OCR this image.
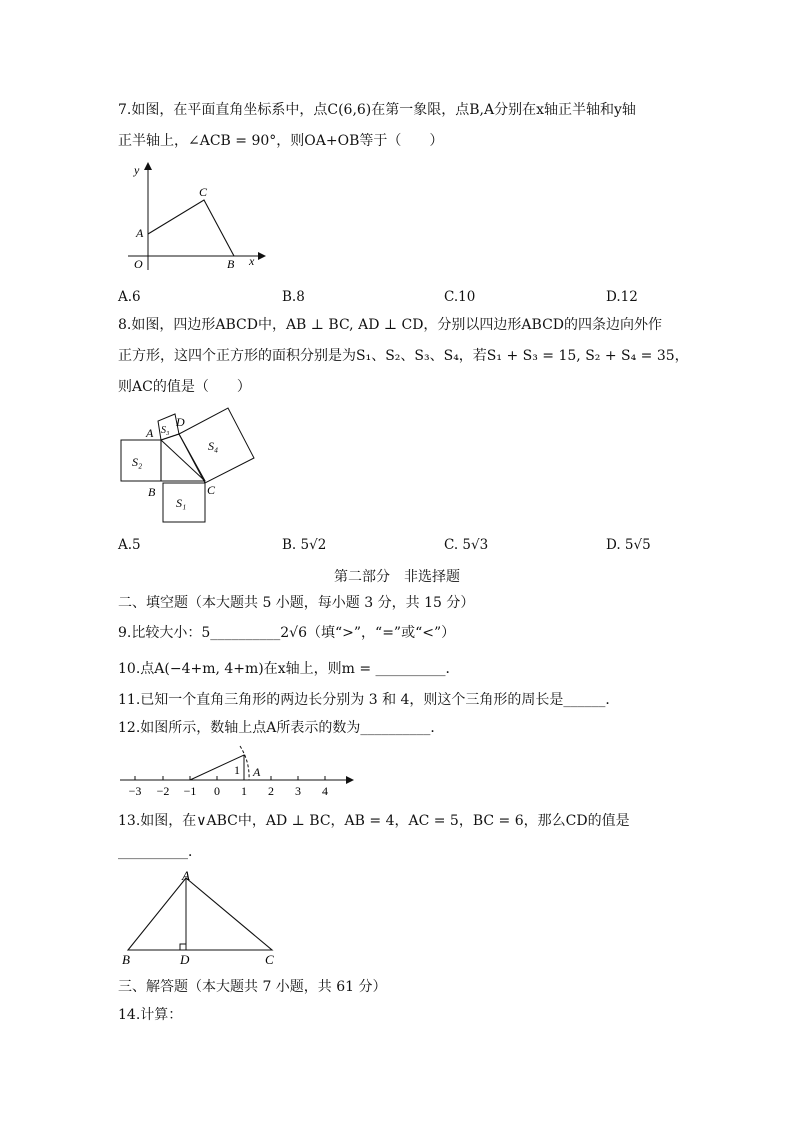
7.如图，在平面直角坐标系中，点C(6,6)在第一象限，点B,A分别在x轴正半轴和y轴
正半轴上，∠ACB = 90°，则OA+OB等于（　　）
y
x
O
A
B
C
A.6	B.8	C.10	D.12
8.如图，四边形ABCD中，AB ⊥ BC, AD ⊥ CD，分别以四边形ABCD的四条边向外作
正方形，这四个正方形的面积分别是为S₁、S₂、S₃、S₄，若S₁ + S₃ = 15, S₂ + S₄ = 35，
则AC的值是（　　）
A
B	C
D
S₂
S₁
S₃
S₄
A.5	B. 5√2	C. 5√3	D. 5√5
第二部分　非选择题
二、填空题（本大题共 5 小题，每小题 3 分，共 15 分）
9.比较大小：5__________2√6（填“>”，“=”或“<”）
10.点A(−4+m, 4+m)在x轴上，则m = __________．
11.已知一个直角三角形的两边长分别为 3 和 4，则这个三角形的周长是______．
12.如图所示，数轴上点A所表示的数为__________．
1 A
−3 −2 −1 0 1 2 3 4
13.如图，在∨ABC中，AD ⊥ BC，AB = 4，AC = 5，BC = 6，那么CD的值是
__________．
A
B	D	C
三、解答题（本大题共 7 小题，共 61 分）
14.计算：
